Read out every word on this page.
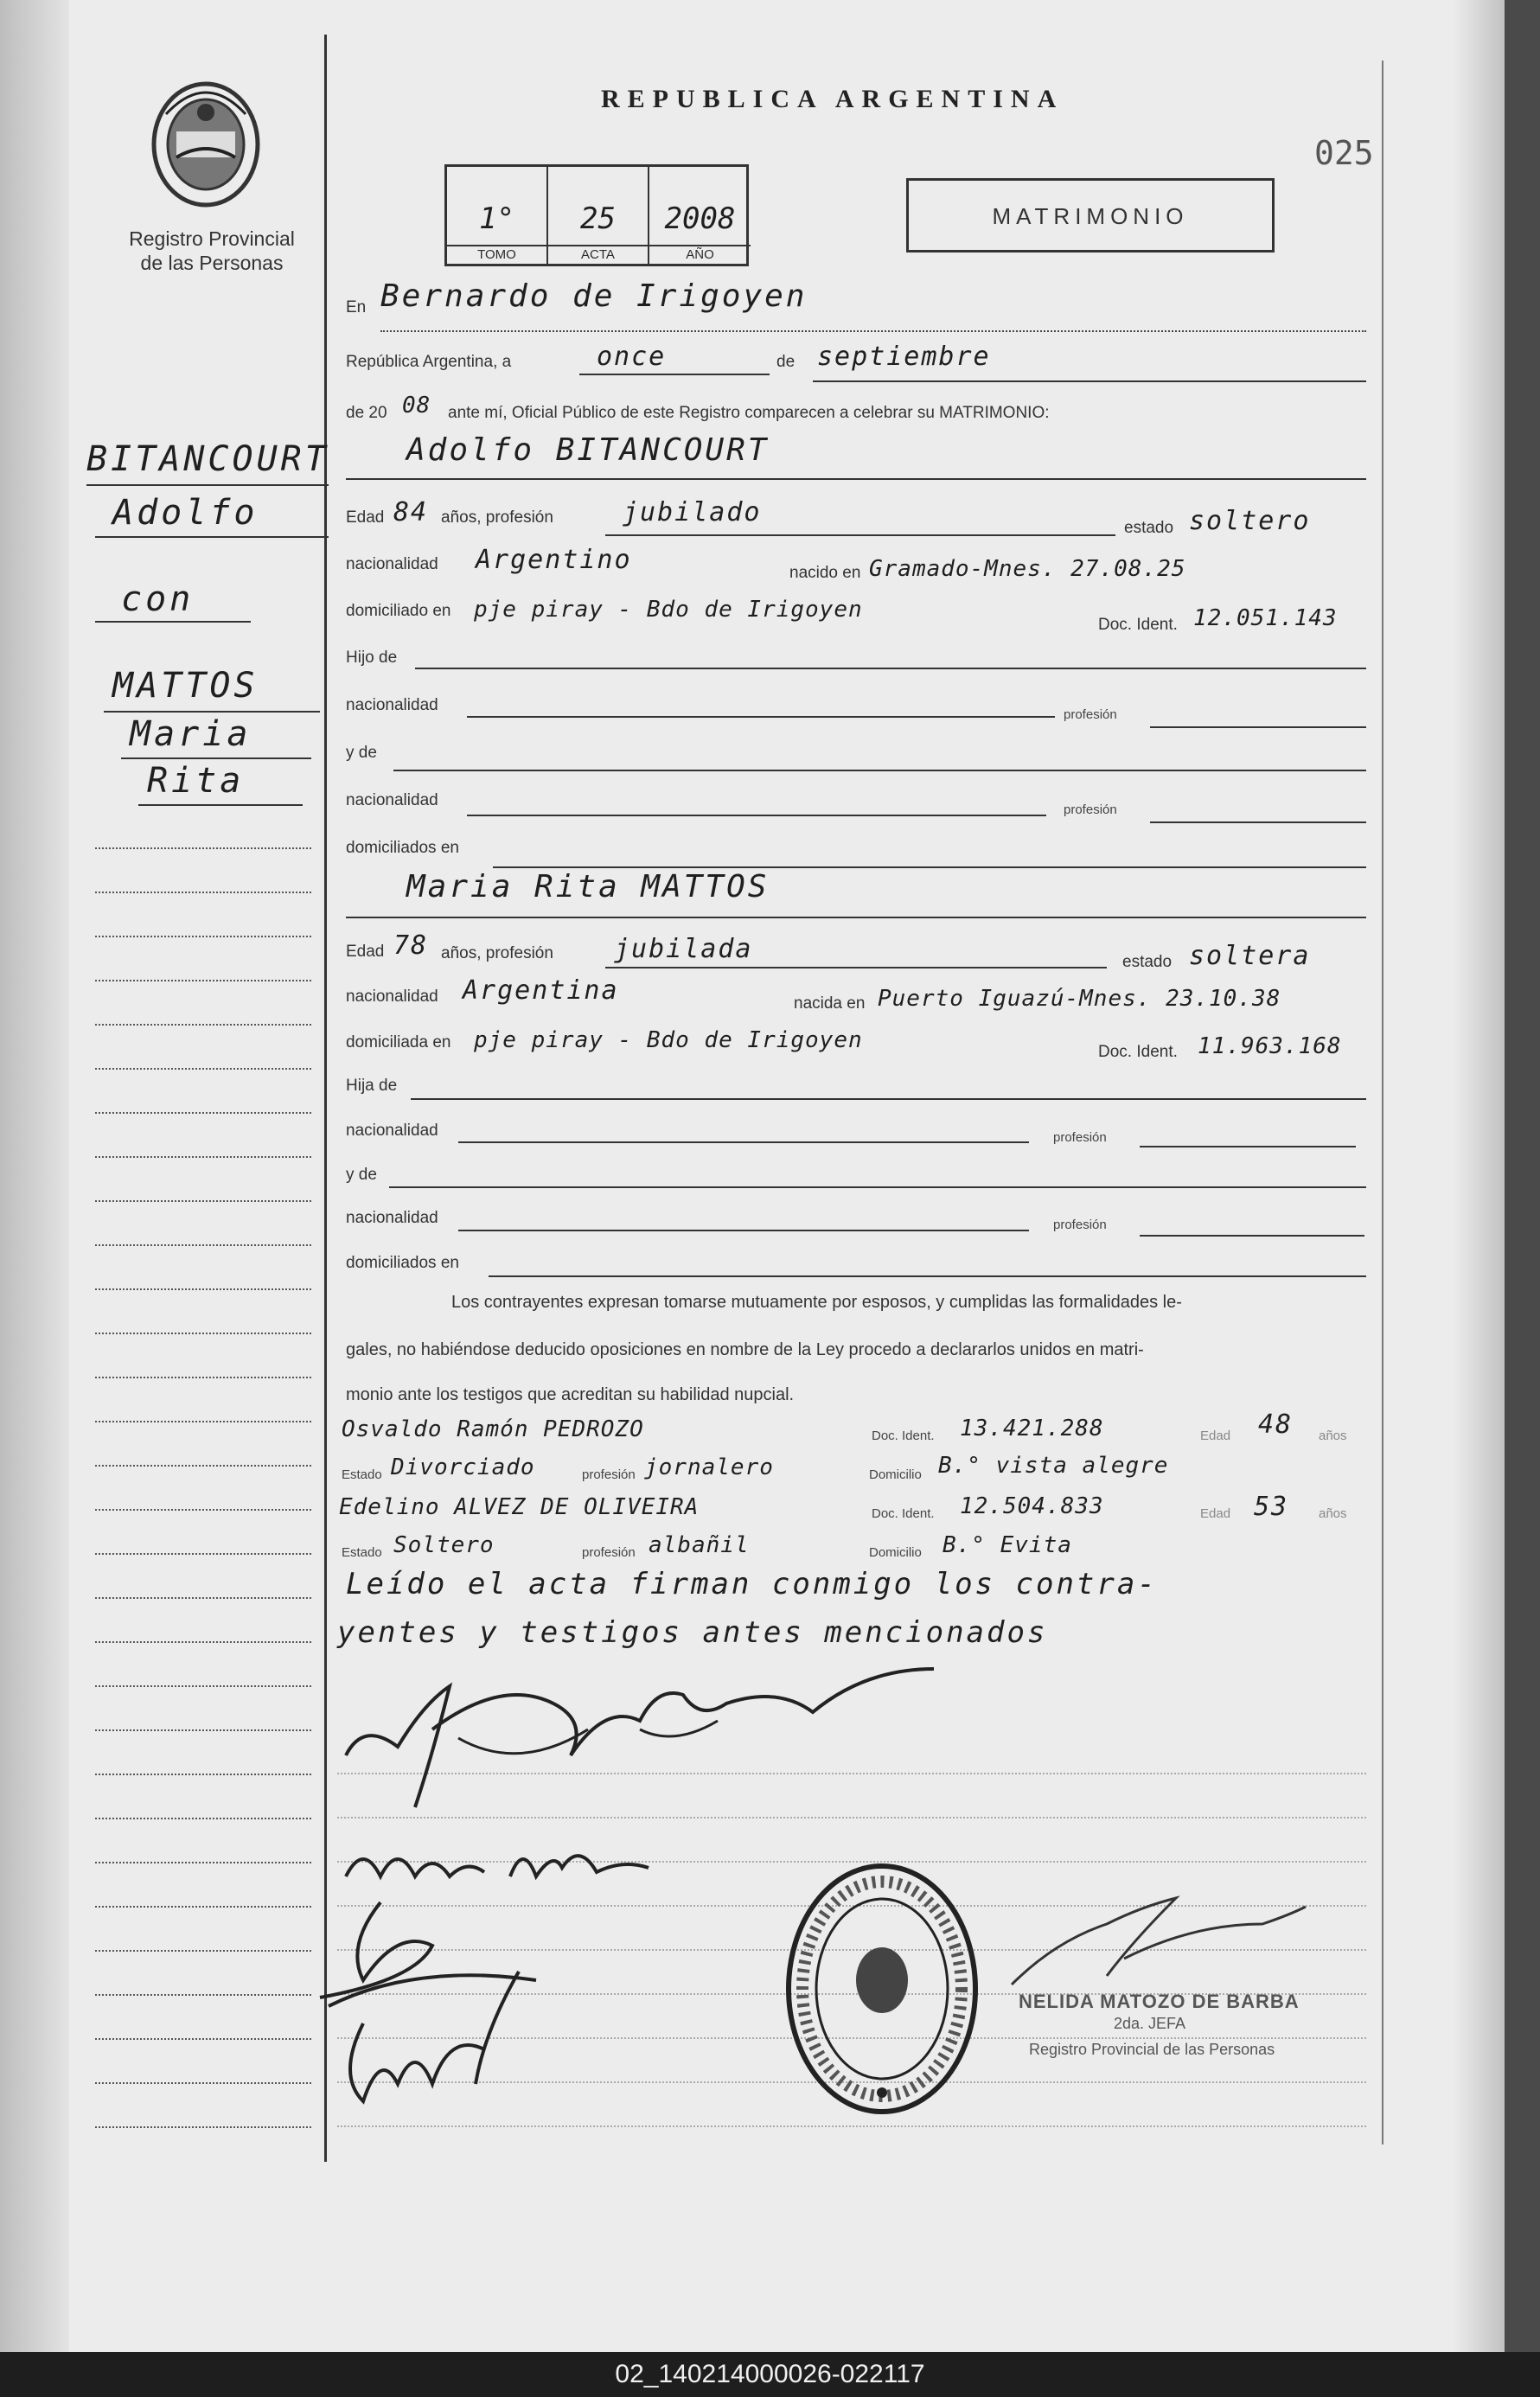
Registro Provincial
de las Personas
REPUBLICA ARGENTINA
025
1°
TOMO
25
ACTA
2008
AÑO
MATRIMONIO
BITANCOURT
Adolfo
con
MATTOS
Maria
Rita
En Bernardo de Irigoyen
República Argentina, a	once	de septiembre
de 20 08 ante mí, Oficial Público de este Registro comparecen a celebrar su MATRIMONIO:
Adolfo BITANCOURT
Edad 84 años, profesión	jubilado
estado soltero
nacionalidad Argentino	nacido en Gramado-Mnes. 27.08.25
domiciliado en pje piray - Bdo de Irigoyen
Doc. Ident. 12.051.143
Hijo de
nacionalidad
profesión
y de
nacionalidad
profesión
domiciliados en
Maria Rita MATTOS
Edad 78 años, profesión jubilada	estado soltera
nacionalidad Argentina	nacida en Puerto Iguazú-Mnes. 23.10.38
domiciliada en pje piray - Bdo de Irigoyen	Doc. Ident. 11.963.168
Hija de
nacionalidad	profesión
y de
nacionalidad	profesión
domiciliados en
Los contrayentes expresan tomarse mutuamente por esposos, y cumplidas las formalidades le-
gales, no habiéndose deducido oposiciones en nombre de la Ley procedo a declararlos unidos en matri-
monio ante los testigos que acreditan su habilidad nupcial.
Osvaldo Ramón PEDROZO	Doc. Ident. 13.421.288	Edad 48 años
Estado Divorciado	profesión jornalero	Domicilio B.° vista alegre
Edelino ALVEZ DE OLIVEIRA	Doc. Ident. 12.504.833	Edad 53 años
Estado Soltero	profesión albañil	Domicilio B.° Evita
Leído el acta firman conmigo los contra-
yentes y testigos antes mencionados
NELIDA MATOZO DE BARBA
2da. JEFA
Registro Provincial de las Personas
02_140214000026-022117
